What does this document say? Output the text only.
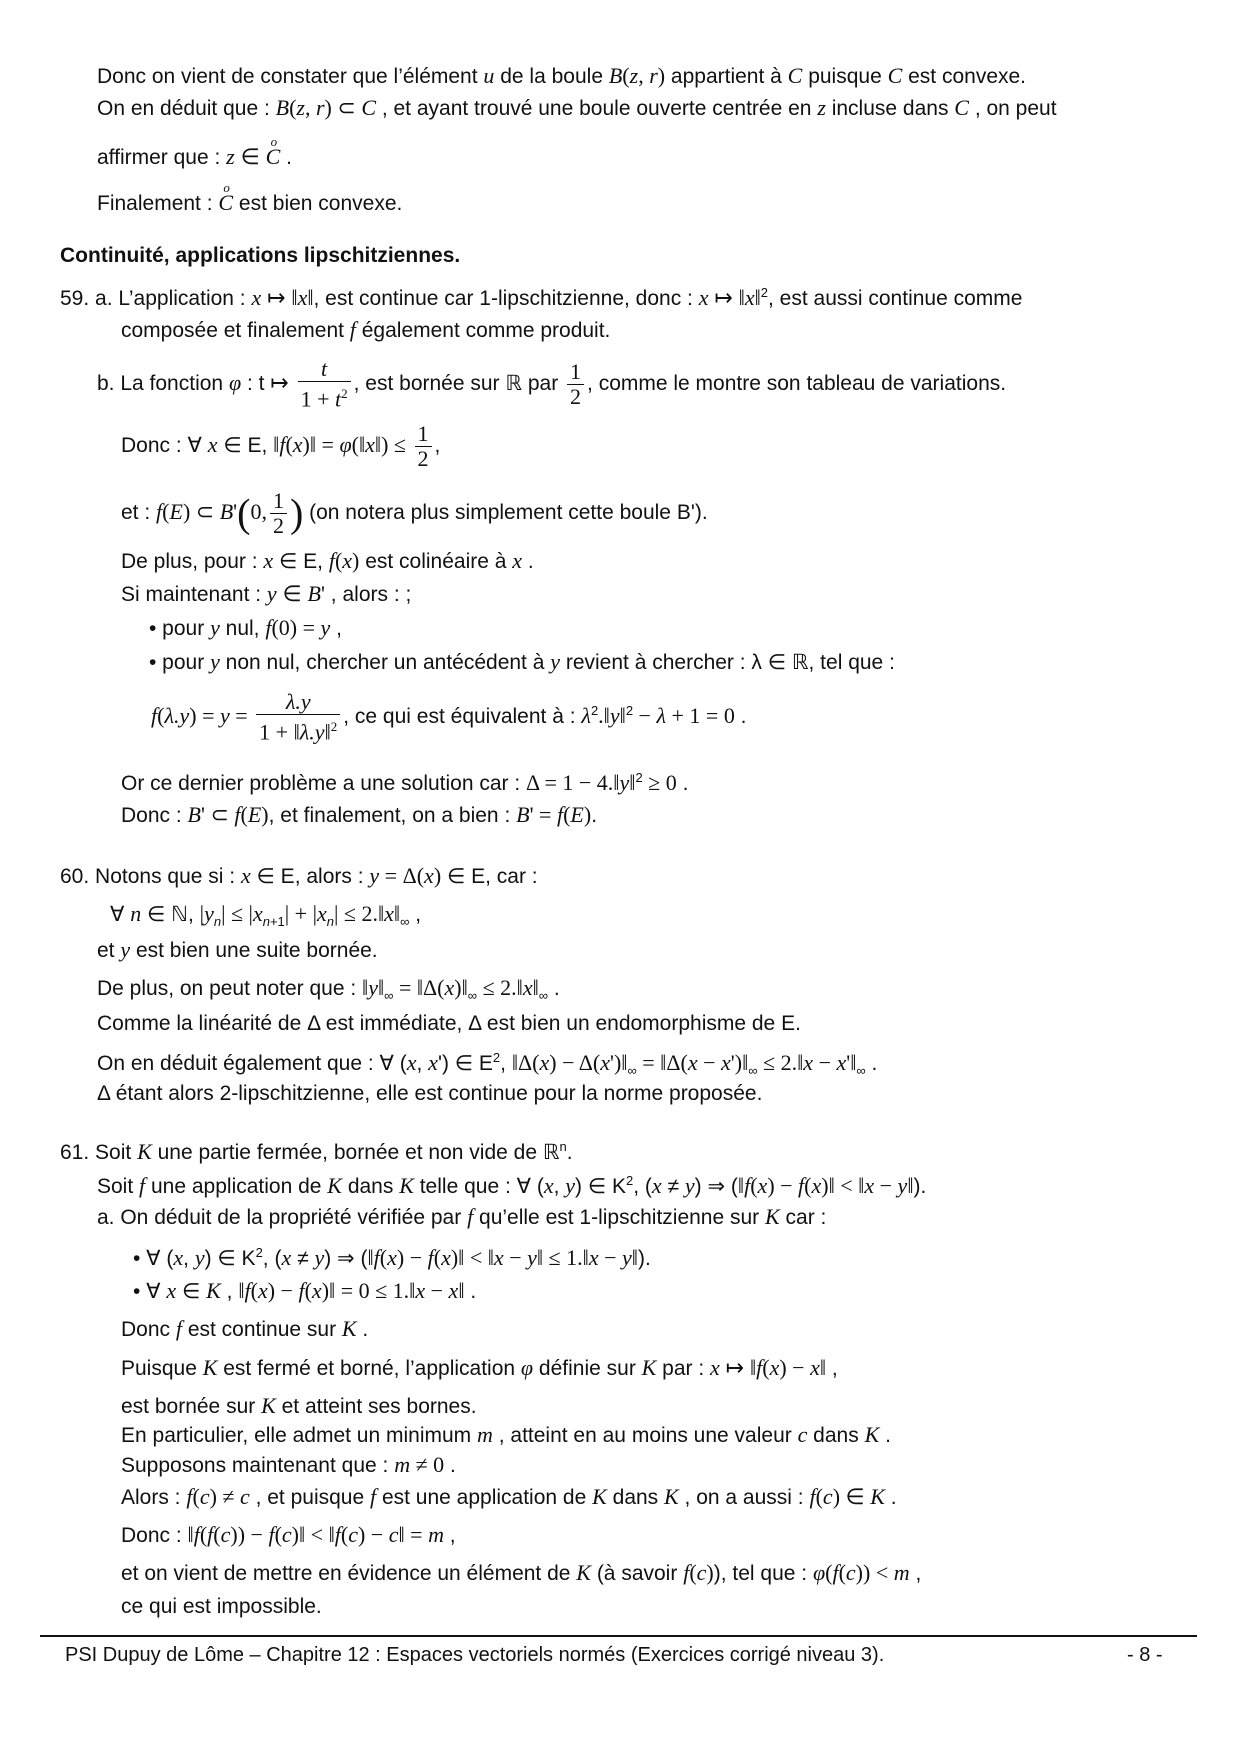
Donc on vient de constater que l’élément u de la boule B(z, r) appartient à C puisque C est convexe.
On en déduit que : B(z, r) ⊂ C , et ayant trouvé une boule ouverte centrée en z incluse dans C , on peut
affirmer que : z ∈ o C .
Finalement : o C est bien convexe.
Continuité, applications lipschitziennes.
59. a. L’application : x ↦ ‖x‖, est continue car 1-lipschitzienne, donc : x ↦ ‖x‖$^2$, est aussi continue comme
composée et finalement f également comme produit.
b. La fonction φ : t ↦ $\frac{t}{1 + t^2}$ , est bornée sur ℝ par $\frac{1}{2}$ , comme le montre son tableau de variations.
Donc : ∀ x ∈ E, ‖f(x)‖ = φ(‖x‖) ≤ $\frac{1}{2}$ ,
et : f(E) ⊂ B'(0, $\frac{1}{2}$ ) (on notera plus simplement cette boule B').
De plus, pour : x ∈ E, f(x) est colinéaire à x .
Si maintenant : y ∈ B' , alors : ;
• pour y nul, f(0) = y ,
• pour y non nul, chercher un antécédent à y revient à chercher : λ ∈ ℝ, tel que :
$f(\lambda.y) = y = \frac{\lambda.y}{1 + ‖\lambda.y‖^2}$ , ce qui est équivalent à : $\lambda^2.‖y‖^2 - \lambda + 1 = 0$ .
Or ce dernier problème a une solution car : Δ = 1 − 4.‖y‖$^2$ ≥ 0 .
Donc : B' ⊂ f(E), et finalement, on a bien : B' = f(E).
60. Notons que si : x ∈ E, alors : y = Δ(x) ∈ E, car :
∀ n ∈ ℕ, $|y_n| \le |x_{n+1}| + |x_n|$ ≤ $2.‖x‖_\infty$ ,
et y est bien une suite bornée.
De plus, on peut noter que : $‖y‖_\infty$ = $‖\Delta(x)‖_\infty$ ≤ $2.‖x‖_\infty$ .
Comme la linéarité de Δ est immédiate, Δ est bien un endomorphisme de E.
On en déduit également que : ∀ (x, x') ∈ $E^2$, ‖Δ(x) − $\Delta(x')‖_\infty$ = ‖Δ(x − $x')‖_\infty$ ≤ 2.‖x − $x'‖_\infty$ .
Δ étant alors 2-lipschitzienne, elle est continue pour la norme proposée.
61. Soit K une partie fermée, bornée et non vide de ℝ$^n$.
Soit f une application de K dans K telle que : ∀ (x, y) ∈ $K^2$, (x ≠ y) ⇒ (‖f(x) − f(x)‖ < ‖x − y‖).
a. On déduit de la propriété vérifiée par f qu’elle est 1-lipschitzienne sur K car :
• ∀ (x, y) ∈ $K^2$, (x ≠ y) ⇒ (‖f(x) − f(x)‖ < ‖x − y‖ ≤ 1.‖x − y‖).
• ∀ x ∈ K , ‖f(x) − f(x)‖ = 0 ≤ 1.‖x − x‖ .
Donc f est continue sur K .
Puisque K est fermé et borné, l’application φ définie sur K par : x ↦ ‖f(x) − x‖ ,
est bornée sur K et atteint ses bornes.
En particulier, elle admet un minimum m , atteint en au moins une valeur c dans K .
Supposons maintenant que : m ≠ 0 .
Alors : f(c) ≠ c , et puisque f est une application de K dans K , on a aussi : f(c) ∈ K .
Donc : ‖f(f(c)) − f(c)‖ < ‖f(c) − c‖ = m ,
et on vient de mettre en évidence un élément de K (à savoir f(c)), tel que : φ(f(c)) < m ,
ce qui est impossible.
PSI Dupuy de Lôme – Chapitre 12 : Espaces vectoriels normés (Exercices corrigé niveau 3).	- 8 -
